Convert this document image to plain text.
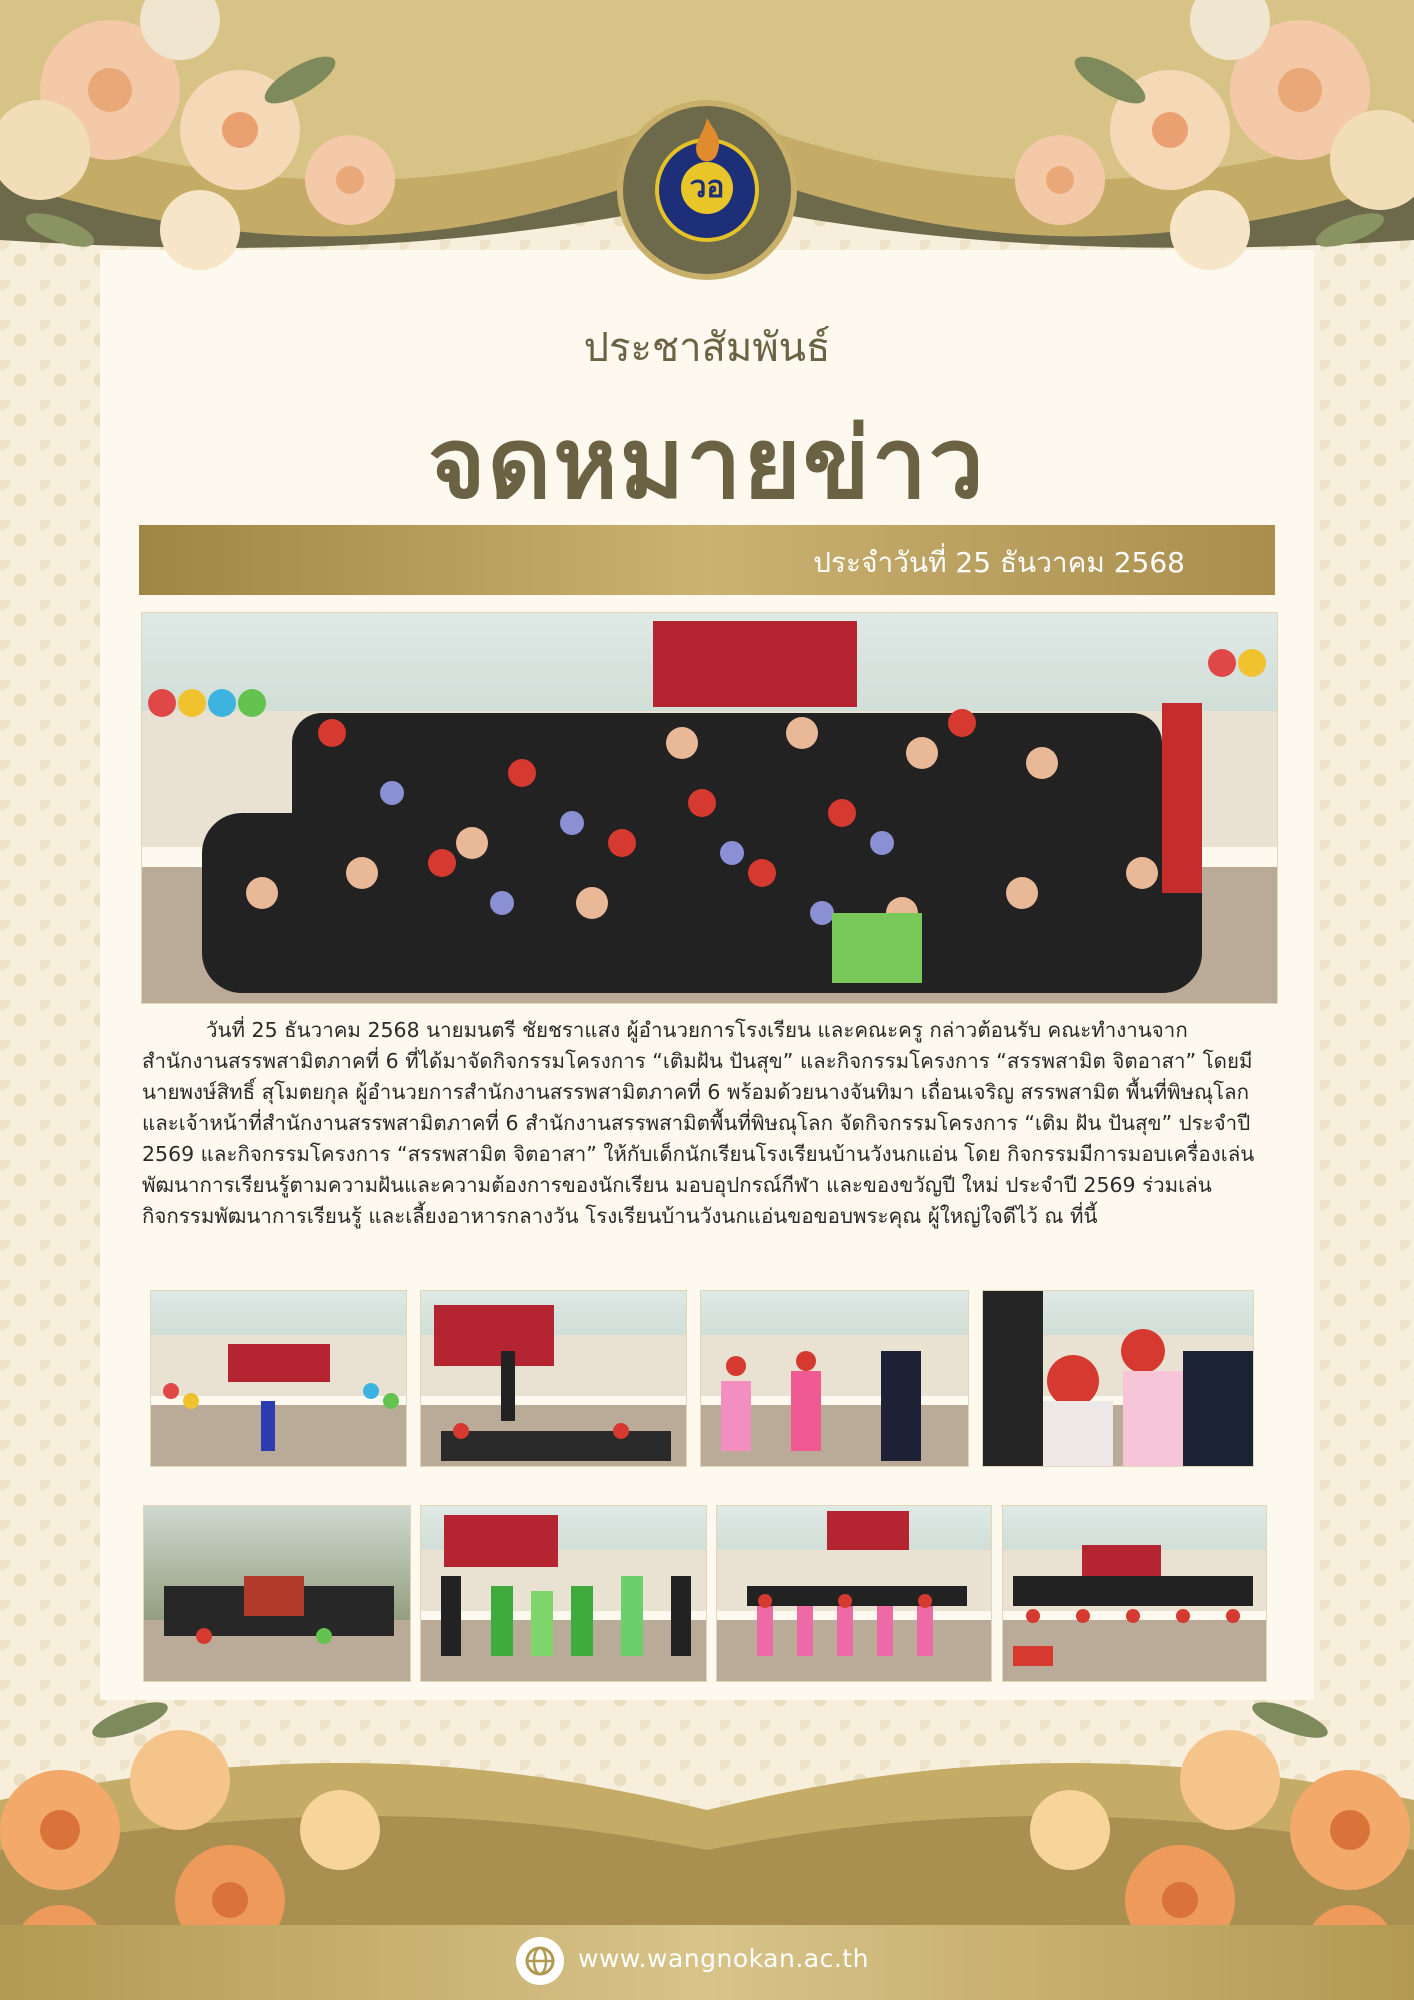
วอ
ประชาสัมพันธ์
จดหมายข่าว
ประจำวันที่ 25 ธันวาคม 2568

วันที่ 25 ธันวาคม 2568 นายมนตรี ชัยชราแสง ผู้อำนวยการโรงเรียน และคณะครู กล่าวต้อนรับ คณะทำงานจาก สำนักงานสรรพสามิตภาคที่ 6 ที่ได้มาจัดกิจกรรมโครงการ “เติมฝัน ปันสุข” และกิจกรรมโครงการ “สรรพสามิต จิตอาสา” โดยมี นายพงษ์สิทธิ์ สุโมตยกุล ผู้อำนวยการสำนักงานสรรพสามิตภาคที่ 6 พร้อมด้วยนางจันทิมา เถื่อนเจริญ สรรพสามิต พื้นที่พิษณุโลกและเจ้าหน้าที่สำนักงานสรรพสามิตภาคที่ 6 สำนักงานสรรพสามิตพื้นที่พิษณุโลก จัดกิจกรรมโครงการ “เติม ฝัน ปันสุข” ประจำปี 2569 และกิจกรรมโครงการ “สรรพสามิต จิตอาสา” ให้กับเด็กนักเรียนโรงเรียนบ้านวังนกแอ่น โดย กิจกรรมมีการมอบเครื่องเล่นพัฒนาการเรียนรู้ตามความฝันและความต้องการของนักเรียน มอบอุปกรณ์กีฬา และของขวัญปี ใหม่ ประจำปี 2569 ร่วมเล่นกิจกรรมพัฒนาการเรียนรู้ และเลี้ยงอาหารกลางวัน โรงเรียนบ้านวังนกแอ่นขอขอบพระคุณ ผู้ใหญ่ใจดีไว้ ณ ที่นี้

www.wangnokan.ac.th
